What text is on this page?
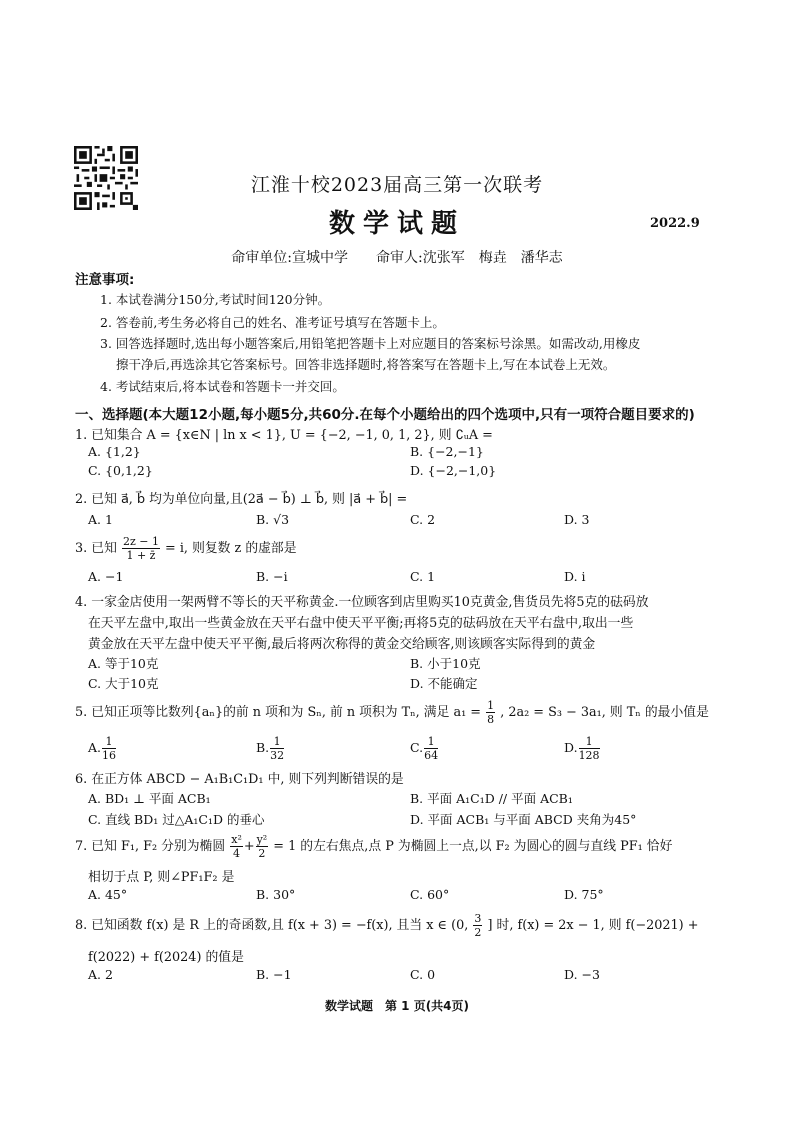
江淮十校2023届高三第一次联考
数学试题	2022.9
命审单位:宣城中学　　命审人:沈张军　梅垚　潘华志
注意事项:
1. 本试卷满分150分,考试时间120分钟。
2. 答卷前,考生务必将自己的姓名、准考证号填写在答题卡上。
3. 回答选择题时,选出每小题答案后,用铅笔把答题卡上对应题目的答案标号涂黑。如需改动,用橡皮
擦干净后,再选涂其它答案标号。回答非选择题时,将答案写在答题卡上,写在本试卷上无效。
4. 考试结束后,将本试卷和答题卡一并交回。
一、选择题(本大题12小题,每小题5分,共60分.在每个小题给出的四个选项中,只有一项符合题目要求的)
1. 已知集合 A = {x∈N | ln x < 1}, U = {−2, −1, 0, 1, 2}, 则 ∁ᵤA =
A. {1,2}	B. {−2,−1}
C. {0,1,2}	D. {−2,−1,0}
2. 已知 a⃗, b⃗ 均为单位向量,且(2a⃗ − b⃗) ⊥ b⃗, 则 |a⃗ + b⃗| =
A. 1	B. √3	C. 2	D. 3
3. 已知 $\frac{2z - 1}{1 + z̄} = i$, 则复数 z 的虚部是
A. −1	B. −i	C. 1	D. i
4. 一家金店使用一架两臂不等长的天平称黄金.一位顾客到店里购买10克黄金,售货员先将5克的砝码放
在天平左盘中,取出一些黄金放在天平右盘中使天平平衡;再将5克的砝码放在天平右盘中,取出一些
黄金放在天平左盘中使天平平衡,最后将两次称得的黄金交给顾客,则该顾客实际得到的黄金
A. 等于10克	B. 小于10克
C. 大于10克	D. 不能确定
5. 已知正项等比数列{aₙ}的前 n 项和为 Sₙ, 前 n 项积为 Tₙ, 满足 $a_1 = \frac{1}{8}$ , 2a₂ = S₃ − 3a₁, 则 Tₙ 的最小值是
A. $\frac{1}{16}$	B. $\frac{1}{32}$	C. $\frac{1}{64}$	D. $\frac{1}{128}$
6. 在正方体 ABCD − A₁B₁C₁D₁ 中, 则下列判断错误的是
A. BD₁ ⊥ 平面 ACB₁	B. 平面 A₁C₁D // 平面 ACB₁
C. 直线 BD₁ 过△A₁C₁D 的垂心	D. 平面 ACB₁ 与平面 ABCD 夹角为45°
7. 已知 F₁, F₂ 分别为椭圆 $\frac{\text{x²}}{4} + \frac{\text{y²}}{2} = 1$ 的左右焦点,点 P 为椭圆上一点,以 F₂ 为圆心的圆与直线 PF₁ 恰好
相切于点 P, 则∠PF₁F₂ 是
A. 45°	B. 30°	C. 60°	D. 75°
8. 已知函数 f(x) 是 R 上的奇函数,且 f(x + 3) = −f(x), 且当 x ∈ (0, $\frac{3}{2}$ ] 时, f(x) = 2x − 1, 则 f(−2021) +
f(2022) + f(2024) 的值是
A. 2	B. −1	C. 0	D. −3
数学试题　第 1 页(共4页)
